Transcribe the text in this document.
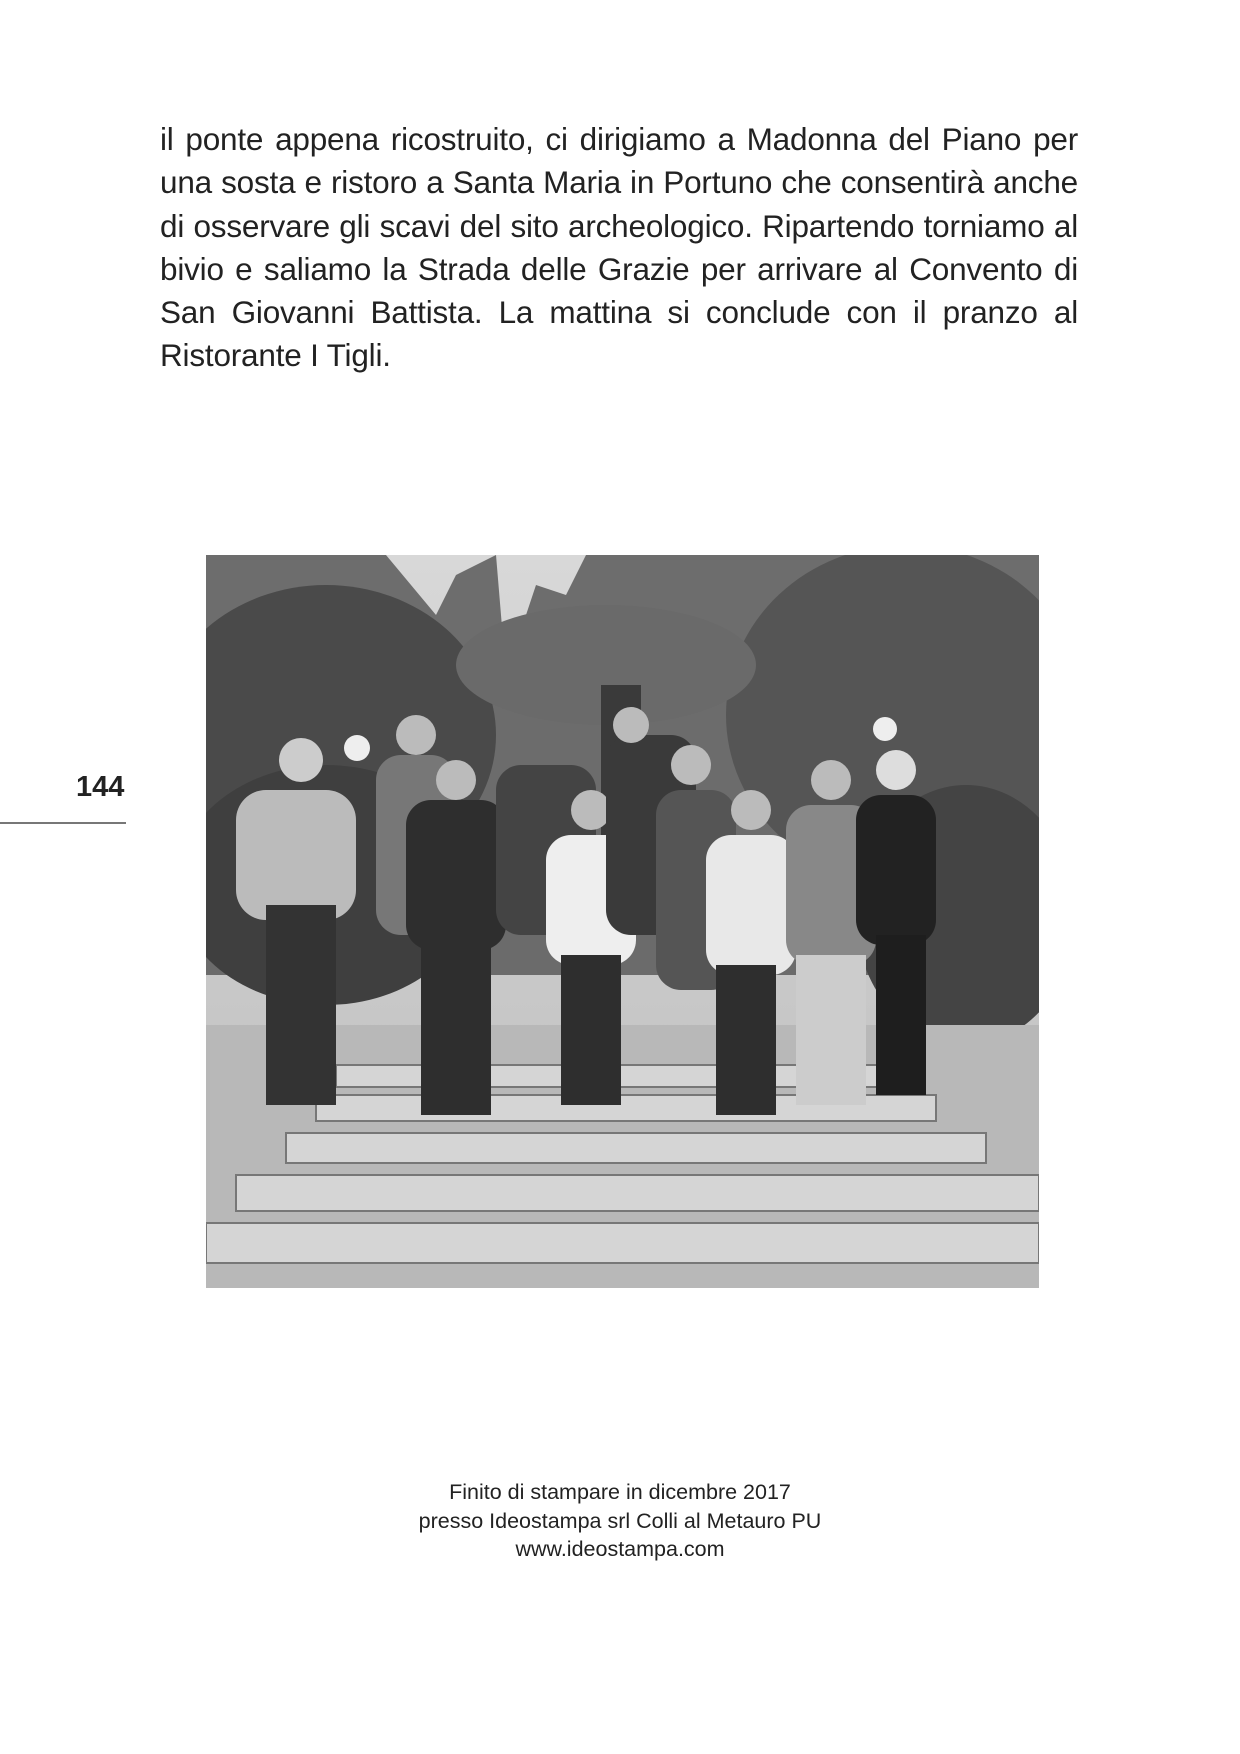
il ponte appena ricostruito, ci dirigiamo a Madonna del Piano per una sosta e ristoro a Santa Maria in Portuno che consentirà anche di osservare gli scavi del sito archeologico. Ripartendo torniamo al bivio e saliamo la Strada delle Grazie per arrivare al Convento di San Giovanni Battista. La mattina si conclude con il pranzo al Ristorante I Tigli.

144
Finito di stampare in dicembre 2017
presso Ideostampa srl Colli al Metauro PU
www.ideostampa.com
